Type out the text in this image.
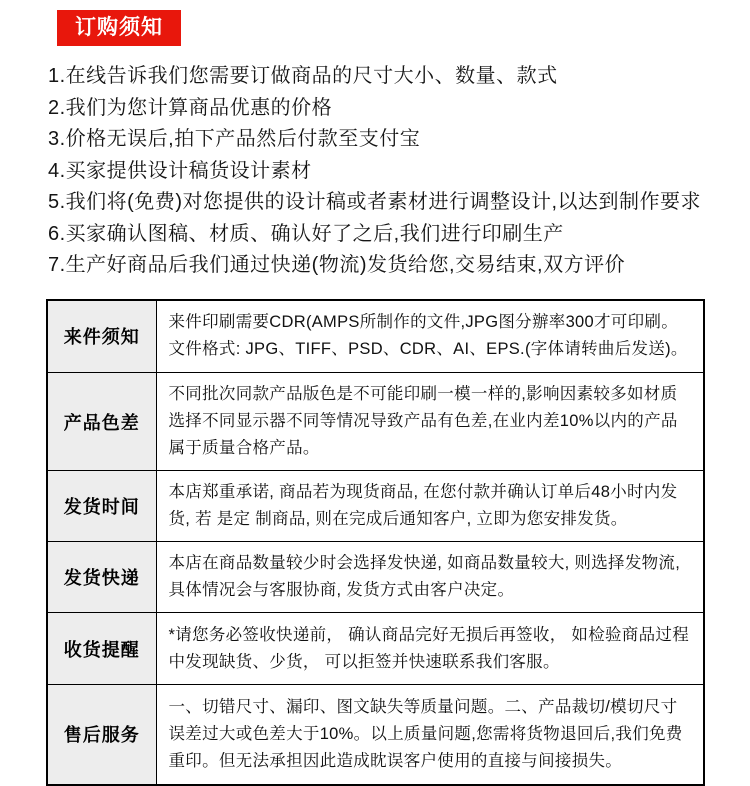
订购须知
1.在线告诉我们您需要订做商品的尺寸大小、数量、款式
2.我们为您计算商品优惠的价格
3.价格无误后,拍下产品然后付款至支付宝
4.买家提供设计稿货设计素材
5.我们将(免费)对您提供的设计稿或者素材进行调整设计,以达到制作要求
6.买家确认图稿、材质、确认好了之后,我们进行印刷生产
7.生产好商品后我们通过快递(物流)发货给您,交易结束,双方评价
来件须知	来件印刷需要CDR(AMPS所制作的文件,JPG图分辦率300才可印刷。文件格式: JPG、TIFF、PSD、CDR、AI、EPS.(字体请转曲后发送)。
产品色差	不同批次同款产品版色是不可能印刷一模一样的,影响因素较多如材质选择不同显示器不同等情况导致产品有色差,在业内差10%以内的产品属于质量合格产品。
发货时间	本店郑重承诺, 商品若为现货商品, 在您付款并确认订单后48小时内发货, 若 是定 制商品, 则在完成后通知客户, 立即为您安排发货。
发货快递	本店在商品数量较少时会选择发快递, 如商品数量较大, 则选择发物流, 具体情况会与客服协商, 发货方式由客户决定。
收货提醒	*请您务必签收快递前， 确认商品完好无损后再签收， 如检验商品过程中发现缺货、少货， 可以拒签并快速联系我们客服。
售后服务	一、切错尺寸、漏印、图文缺失等质量问题。二、产品裁切/模切尺寸误差过大或色差大于10%。以上质量问题,您需将货物退回后,我们免费重印。但无法承担因此造成眈误客户使用的直接与间接损失。
